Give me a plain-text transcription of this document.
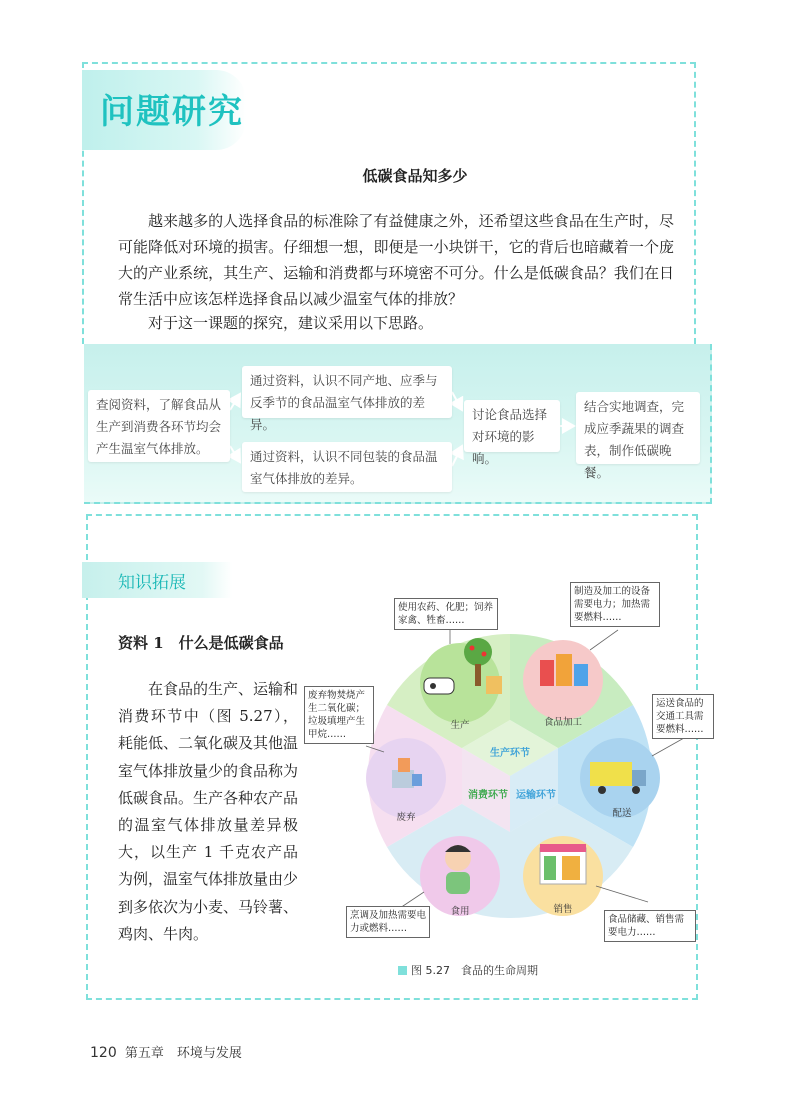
问题研究
低碳食品知多少
越来越多的人选择食品的标准除了有益健康之外，还希望这些食品在生产时，尽可能降低对环境的损害。仔细想一想，即便是一小块饼干，它的背后也暗藏着一个庞大的产业系统，其生产、运输和消费都与环境密不可分。什么是低碳食品？我们在日常生活中应该怎样选择食品以减少温室气体的排放？
对于这一课题的探究，建议采用以下思路。
查阅资料，了解食品从生产到消费各环节均会产生温室气体排放。
通过资料，认识不同产地、应季与反季节的食品温室气体排放的差异。
通过资料，认识不同包装的食品温室气体排放的差异。
讨论食品选择对环境的影响。
结合实地调查，完成应季蔬果的调查表，制作低碳晚餐。
知识拓展
资料 1　什么是低碳食品
在食品的生产、运输和消费环节中（图 5.27），耗能低、二氧化碳及其他温室气体排放量少的食品称为低碳食品。生产各种农产品的温室气体排放量差异极大，以生产 1 千克农产品为例，温室气体排放量由少到多依次为小麦、马铃薯、鸡肉、牛肉。
生产	食品加工
配送
销售
食用
废弃
生产环节
消费环节 运输环节
使用农药、化肥；饲养家禽、牲畜……
制造及加工的设备需要电力；加热需要燃料……
运送食品的交通工具需要燃料……
食品储藏、销售需要电力……
烹调及加热需要电力或燃料……
废弃物焚烧产生二氧化碳；垃圾填埋产生甲烷……
图 5.27　食品的生命周期
120 第五章　环境与发展
